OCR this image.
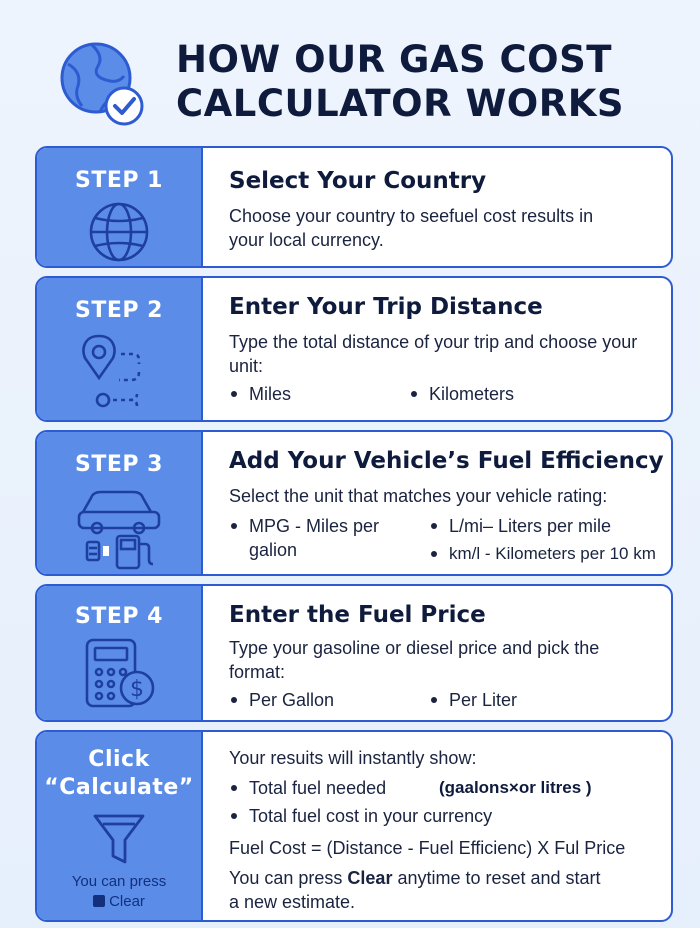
HOW OUR GAS COST
CALCULATOR WORKS
STEP 1	Select Your Country
Choose your country to seefuel cost results in your local currency.
STEP 2	Enter Your Trip Distance
Type the total distance of your trip and choose your unit:
Miles	Kilometers
STEP 3	Add Your Vehicle’s Fuel Efficiency
Select the unit that matches your vehicle rating:
MPG - Miles per galion
L/mi– Liters per mile
km/l - Kilometers per 10 km
STEP 4
$
Enter the Fuel Price
Type your gasoline or diesel price and pick the format:
Per Gallon	Per Liter
Click
“Calculate”
You can press
Clear
Your resuits will instantly show:
Total fuel needed	(gaalons×or litres )
Total fuel cost in your currency
Fuel Cost = (Distance - Fuel Efficienc) X Ful Price
You can press Clear anytime to reset and start
a new estimate.
